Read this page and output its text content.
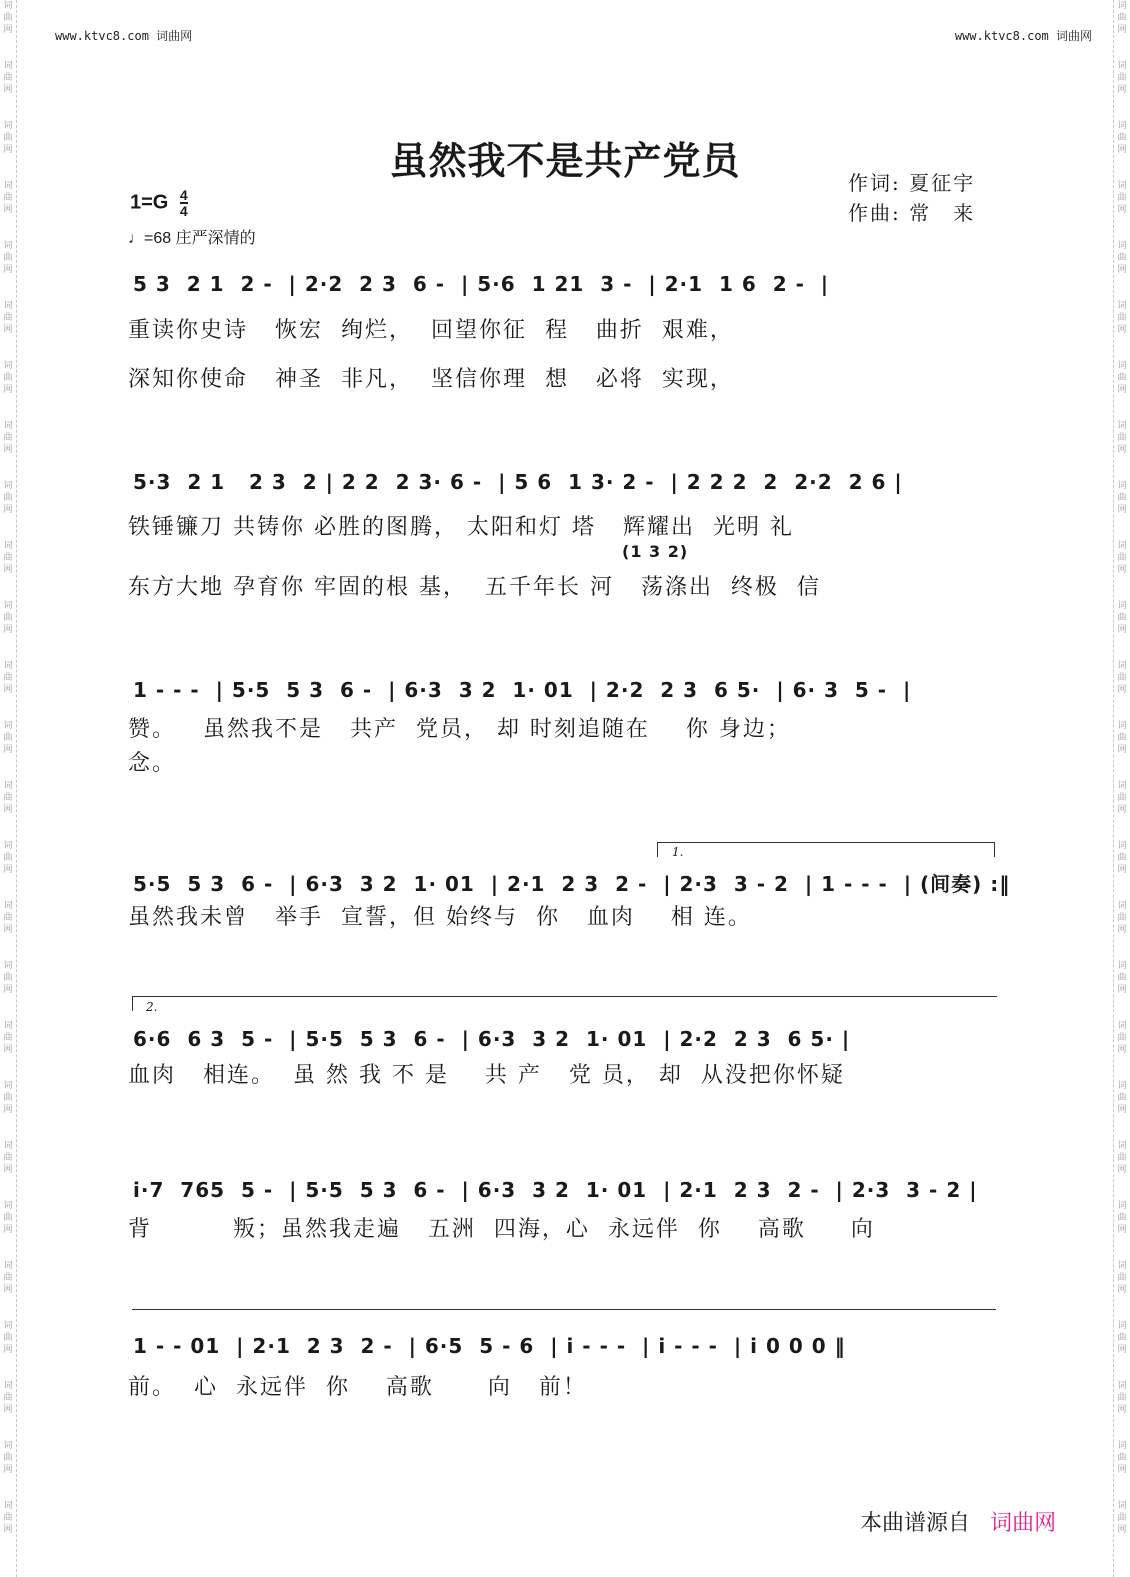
词
曲
网
词
曲
网
词
曲
网
词
曲
网
词
曲
网
词
曲
网
词
曲
网
词
曲
网
词
曲
网
词
曲
网
词
曲
网
词
曲
网
词
曲
网
词
曲
网
词
曲
网
词
曲
网
词
曲
网
词
曲
网
词
曲
网
词
曲
网
词
曲
网
词
曲
网
词
曲
网
词
曲
网
词
曲
网
词
曲
网
词
曲
网
词
曲
网
词
曲
网
词
曲
网
词
曲
网
词
曲
网
词
曲
网
词
曲
网
词
曲
网
词
曲
网
词
曲
网
词
曲
网
词
曲
网
词
曲
网
词
曲
网
词
曲
网
词
曲
网
词
曲
网
词
曲
网
词
曲
网
词
曲
网
词
曲
网
词
曲
网
词
曲
网
词
曲
网
词
曲
网
www.ktvc8.com 词曲网	www.ktvc8.com 词曲网
虽然我不是共产党员
$1=G \frac{4}{4}$
♩=68 庄严深情的
作词: 夏征宇
作曲: 常　来
5 3  2 1  2 -  | 2·2  2 3  6 -  | 5·6  1 21  3 -  | 2·1  1 6  2 -  |
重读你史诗   恢宏  绚烂，  回望你征  程   曲折  艰难，
深知你使命   神圣  非凡，  坚信你理  想   必将  实现，
5·3  2 1   2 3  2 | 2 2  2 3· 6 -  | 5 6  1 3· 2 -  | 2 2 2  2  2·2  2 6 |
铁锤镰刀 共铸你 必胜的图腾， 太阳和灯 塔   辉耀出  光明 礼
(1 3 2)
东方大地 孕育你 牢固的根 基，  五千年长 河   荡涤出  终极  信
1 - - -  | 5·5  5 3  6 -  | 6·3  3 2  1· 01  | 2·2  2 3  6 5·  | 6· 3  5 -  |
赞。   虽然我不是   共产  党员， 却 时刻追随在    你 身边；
念。
1.
5·5  5 3  6 -  | 6·3  3 2  1· 01  | 2·1  2 3  2 -  | 2·3  3 - 2  | 1 - - -  | (间奏) :‖
虽然我未曾   举手  宣誓，但 始终与  你   血肉    相 连。
2.
6·6  6 3  5 -  | 5·5  5 3  6 -  | 6·3  3 2  1· 01  | 2·2  2 3  6 5· |
血肉   相连。  虽 然 我 不 是    共 产   党 员， 却  从没把你怀疑
i·7  765  5 -  | 5·5  5 3  6 -  | 6·3  3 2  1· 01  | 2·1  2 3  2 -  | 2·3  3 - 2 |
背         叛；虽然我走遍   五洲  四海，心  永远伴  你    高歌     向
1 - - 01  | 2·1  2 3  2 -  | 6·5  5 - 6  | i - - -  | i - - -  | i 0 0 0 ‖
前。  心  永远伴  你    高歌      向   前！
本曲谱源自 词曲网
